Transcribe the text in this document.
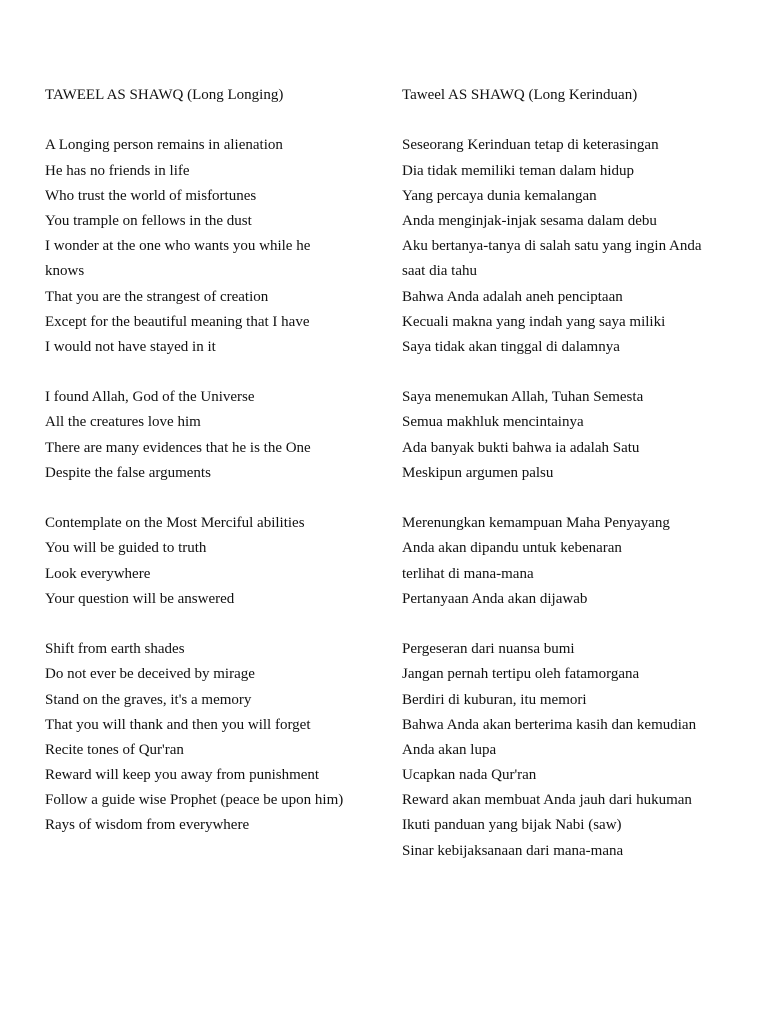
TAWEEL AS SHAWQ (Long Longing)
A Longing person remains in alienation
He has no friends in life
Who trust the world of misfortunes
You trample on fellows in the dust
I wonder at the one who wants you while he
knows
That you are the strangest of creation
Except for the beautiful meaning that I have
I would not have stayed in it
I found Allah, God of the Universe
All the creatures love him
There are many evidences that he is the One
Despite the false arguments
Contemplate on the Most Merciful abilities
You will be guided to truth
Look everywhere
Your question will be answered
Shift from earth shades
Do not ever be deceived by mirage
Stand on the graves, it's a memory
That you will thank and then you will forget
Recite tones of Qur'ran
Reward will keep you away from punishment
Follow a guide wise Prophet (peace be upon him)
Rays of wisdom from everywhere
Taweel AS SHAWQ (Long Kerinduan)
Seseorang Kerinduan tetap di keterasingan
Dia tidak memiliki teman dalam hidup
Yang percaya dunia kemalangan
Anda menginjak-injak sesama dalam debu
Aku bertanya-tanya di salah satu yang ingin Anda
saat dia tahu
Bahwa Anda adalah aneh penciptaan
Kecuali makna yang indah yang saya miliki
Saya tidak akan tinggal di dalamnya
Saya menemukan Allah, Tuhan Semesta
Semua makhluk mencintainya
Ada banyak bukti bahwa ia adalah Satu
Meskipun argumen palsu
Merenungkan kemampuan Maha Penyayang
Anda akan dipandu untuk kebenaran
terlihat di mana-mana
Pertanyaan Anda akan dijawab
Pergeseran dari nuansa bumi
Jangan pernah tertipu oleh fatamorgana
Berdiri di kuburan, itu memori
Bahwa Anda akan berterima kasih dan kemudian
Anda akan lupa
Ucapkan nada Qur'ran
Reward akan membuat Anda jauh dari hukuman
Ikuti panduan yang bijak Nabi (saw)
Sinar kebijaksanaan dari mana-mana
